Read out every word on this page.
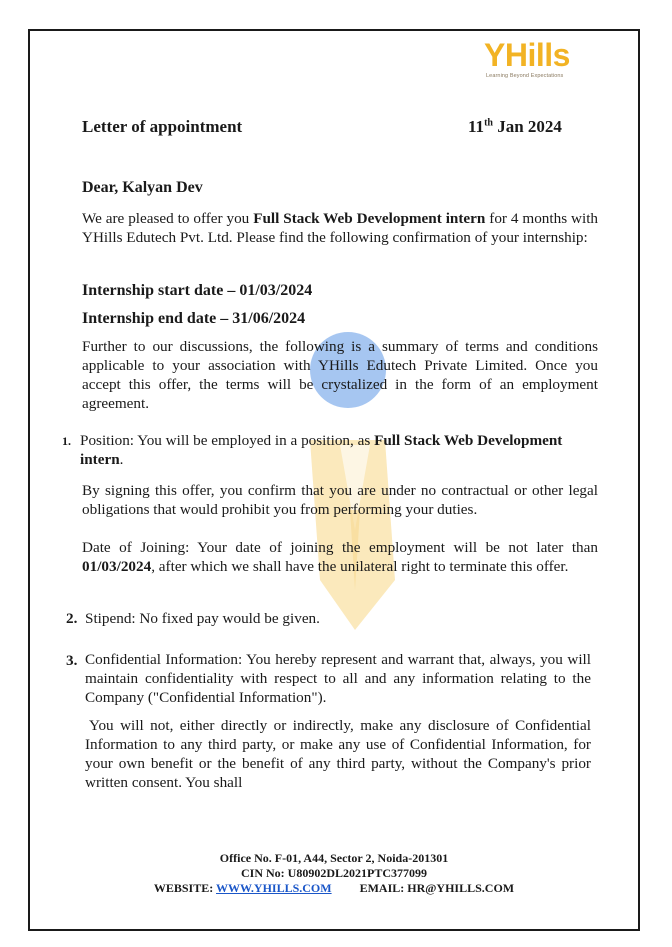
YHills
Learning Beyond Expectations
Letter of appointment	11th Jan 2024
Dear, Kalyan Dev
We are pleased to offer you Full Stack Web Development intern for 4 months with YHills Edutech Pvt. Ltd. Please find the following confirmation of your internship:
Internship start date – 01/03/2024
Internship end date – 31/06/2024
Further to our discussions, the following is a summary of terms and conditions applicable to your association with YHills Edutech Private Limited. Once you accept this offer, the terms will be crystalized in the form of an employment agreement.
1. Position: You will be employed in a position, as Full Stack Web Development intern.
By signing this offer, you confirm that you are under no contractual or other legal obligations that would prohibit you from performing your duties.
Date of Joining: Your date of joining the employment will be not later than 01/03/2024, after which we shall have the unilateral right to terminate this offer.
2. Stipend: No fixed pay would be given.
3. Confidential Information: You hereby represent and warrant that, always, you will maintain confidentiality with respect to all and any information relating to the Company ("Confidential Information").
You will not, either directly or indirectly, make any disclosure of Confidential Information to any third party, or make any use of Confidential Information, for your own benefit or the benefit of any third party, without the Company's prior written consent. You shall
Office No. F-01, A44, Sector 2, Noida-201301
CIN No: U80902DL2021PTC377099
WEBSITE: WWW.YHILLS.COM EMAIL: HR@YHILLS.COM
